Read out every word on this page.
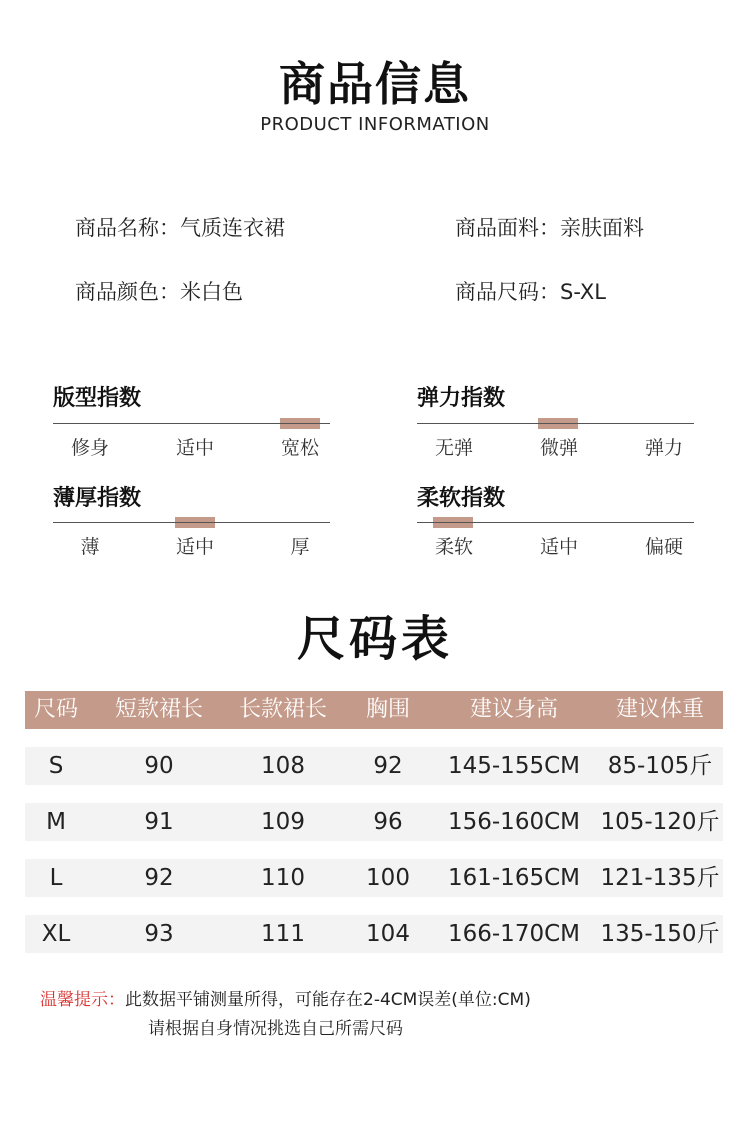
商品信息
PRODUCT INFORMATION
商品名称：气质连衣裙	商品面料：亲肤面料
商品颜色：米白色	商品尺码：S-XL
版型指数
修身	适中	宽松
弹力指数
无弹	微弹	弹力
薄厚指数
薄	适中	厚
柔软指数
柔软	适中	偏硬
尺码表
尺码	短款裙长	长款裙长	胸围	建议身高	建议体重
S	90	108	92	145-155CM	85-105斤
M	91	109	96	156-160CM 105-120斤
L	92	110	100	161-165CM 121-135斤
XL	93	111	104	166-170CM 135-150斤
温馨提示：此数据平铺测量所得，可能存在2-4CM误差(单位:CM)
请根据自身情况挑选自己所需尺码
